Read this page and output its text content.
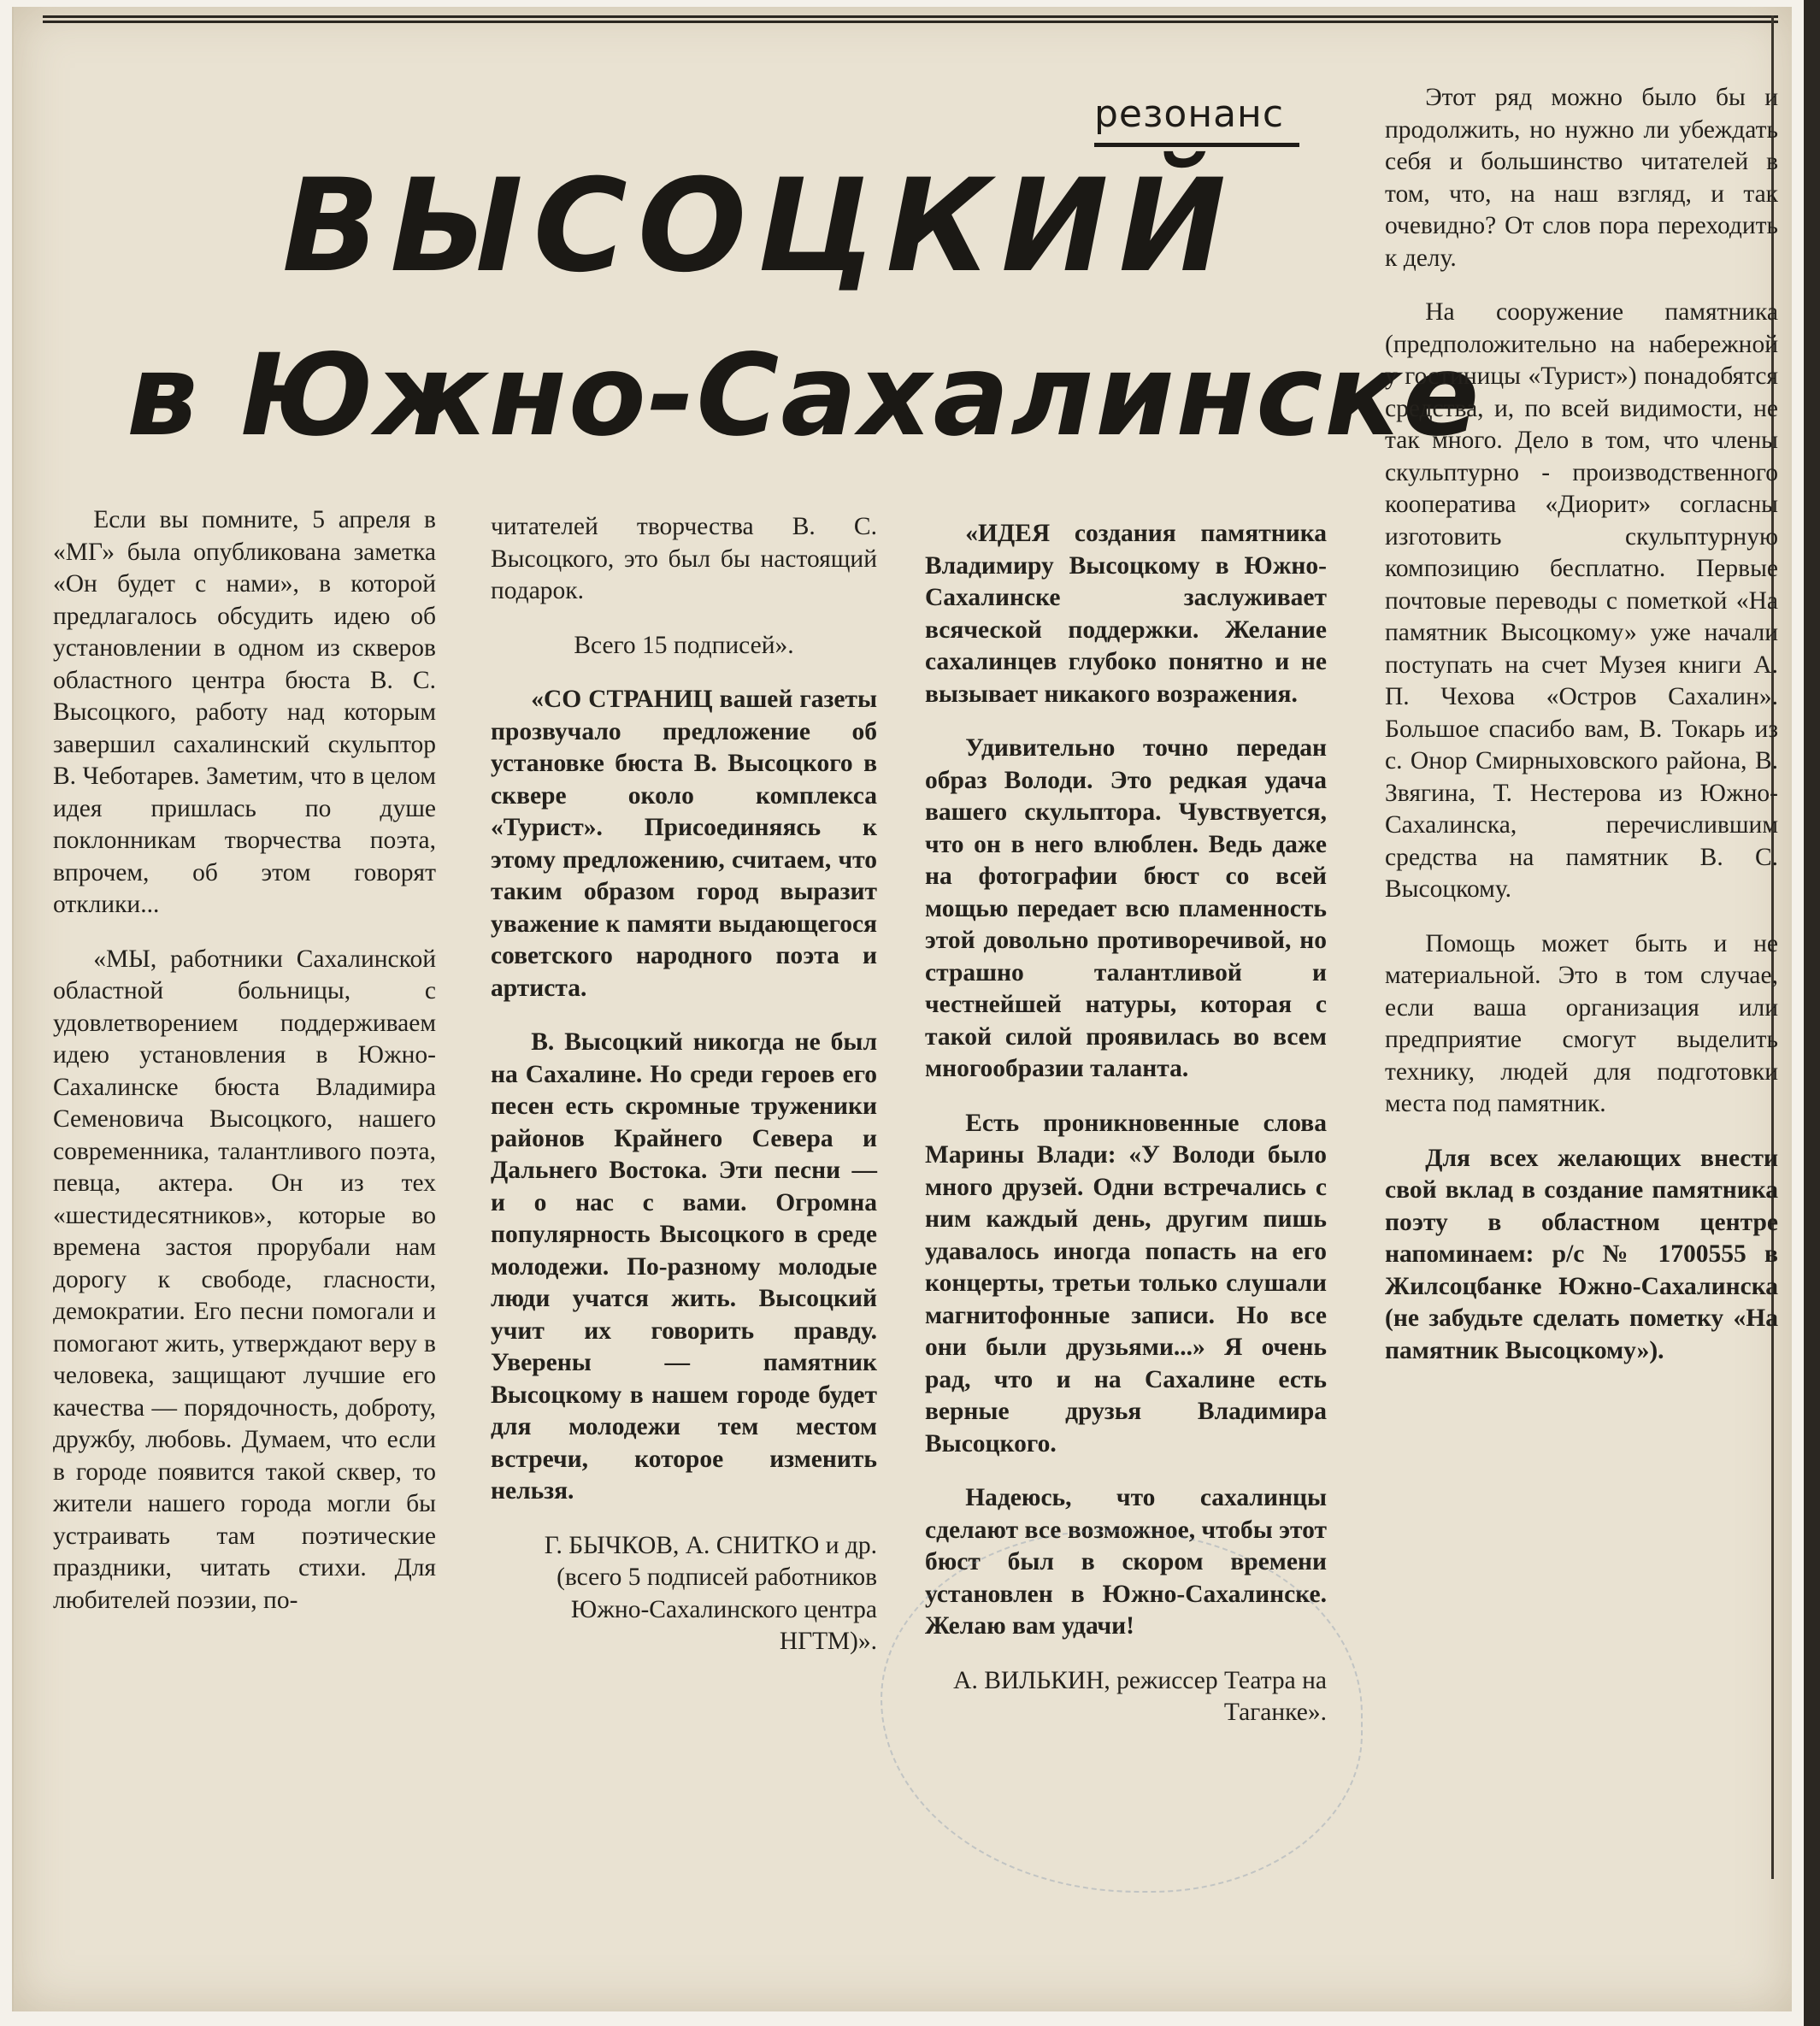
резонанс
ВЫСОЦКИЙ
в Южно-Сахалинске

Если вы помните, 5 апреля в «МГ» была опубликована заметка «Он будет с нами», в которой предлагалось обсудить идею об установлении в одном из скверов областного центра бюста В. С. Высоцкого, работу над которым завершил сахалинский скульптор В. Чеботарев. Заметим, что в целом идея пришлась по душе поклонникам творчества поэта, впрочем, об этом говорят отклики...

«МЫ, работники Сахалинской областной больницы, с удовлетворением поддерживаем идею установления в Южно-Сахалинске бюста Владимира Семеновича Высоцкого, нашего современника, талантливого поэта, певца, актера. Он из тех «шестидесятников», которые во времена застоя прорубали нам дорогу к свободе, гласности, демократии. Его песни помогали и помогают жить, утверждают веру в человека, защищают лучшие его качества — порядочность, доброту, дружбу, любовь. Думаем, что если в городе появится такой сквер, то жители нашего города могли бы устраивать там поэтические праздники, читать стихи. Для любителей поэзии, по-

читателей творчества В. С. Высоцкого, это был бы настоящий подарок.

Всего 15 подписей».

«СО СТРАНИЦ вашей газеты прозвучало предложение об установке бюста В. Высоцкого в сквере около комплекса «Турист». Присоединяясь к этому предложению, считаем, что таким образом город выразит уважение к памяти выдающегося советского народного поэта и артиста.

В. Высоцкий никогда не был на Сахалине. Но среди героев его песен есть скромные труженики районов Крайнего Севера и Дальнего Востока. Эти песни — и о нас с вами. Огромна популярность Высоцкого в среде молодежи. По-разному молодые люди учатся жить. Высоцкий учит их говорить правду. Уверены — памятник Высоцкому в нашем городе будет для молодежи тем местом встречи, которое изменить нельзя.

Г. БЫЧКОВ, А. СНИТКО и др. (всего 5 подписей работников Южно-Сахалинского центра НГТМ)».

«ИДЕЯ создания памятника Владимиру Высоцкому в Южно-Сахалинске заслуживает всяческой поддержки. Желание сахалинцев глубоко понятно и не вызывает никакого возражения.

Удивительно точно передан образ Володи. Это редкая удача вашего скульптора. Чувствуется, что он в него влюблен. Ведь даже на фотографии бюст со всей мощью передает всю пламенность этой довольно противоречивой, но страшно талантливой и честнейшей натуры, которая с такой силой проявилась во всем многообразии таланта.

Есть проникновенные слова Марины Влади: «У Володи было много друзей. Одни встречались с ним каждый день, другим пишь удавалось иногда попасть на его концерты, третьи только слушали магнитофонные записи. Но все они были друзьями...» Я очень рад, что и на Сахалине есть верные друзья Владимира Высоцкого.

Надеюсь, что сахалинцы сделают все возможное, чтобы этот бюст был в скором времени установлен в Южно-Сахалинске. Желаю вам удачи!

А. ВИЛЬКИН, режиссер Театра на Таганке».

Этот ряд можно было бы и продолжить, но нужно ли убеждать себя и большинство читателей в том, что, на наш взгляд, и так очевидно? От слов пора переходить к делу.

На сооружение памятника (предположительно на набережной у гостиницы «Турист») понадобятся средства, и, по всей видимости, не так много. Дело в том, что члены скульптурно - производственного кооператива «Диорит» согласны изготовить скульптурную композицию бесплатно. Первые почтовые переводы с пометкой «На памятник Высоцкому» уже начали поступать на счет Музея книги А. П. Чехова «Остров Сахалин». Большое спасибо вам, В. Токарь из с. Онор Смирныховского района, В. Звягина, Т. Нестерова из Южно-Сахалинска, перечислившим средства на памятник В. С. Высоцкому.

Помощь может быть и не материальной. Это в том случае, если ваша организация или предприятие смогут выделить технику, людей для подготовки места под памятник.

Для всех желающих внести свой вклад в создание памятника поэту в областном центре напоминаем: р/с № 1700555 в Жилсоцбанке Южно-Сахалинска (не забудьте сделать пометку «На памятник Высоцкому»).
